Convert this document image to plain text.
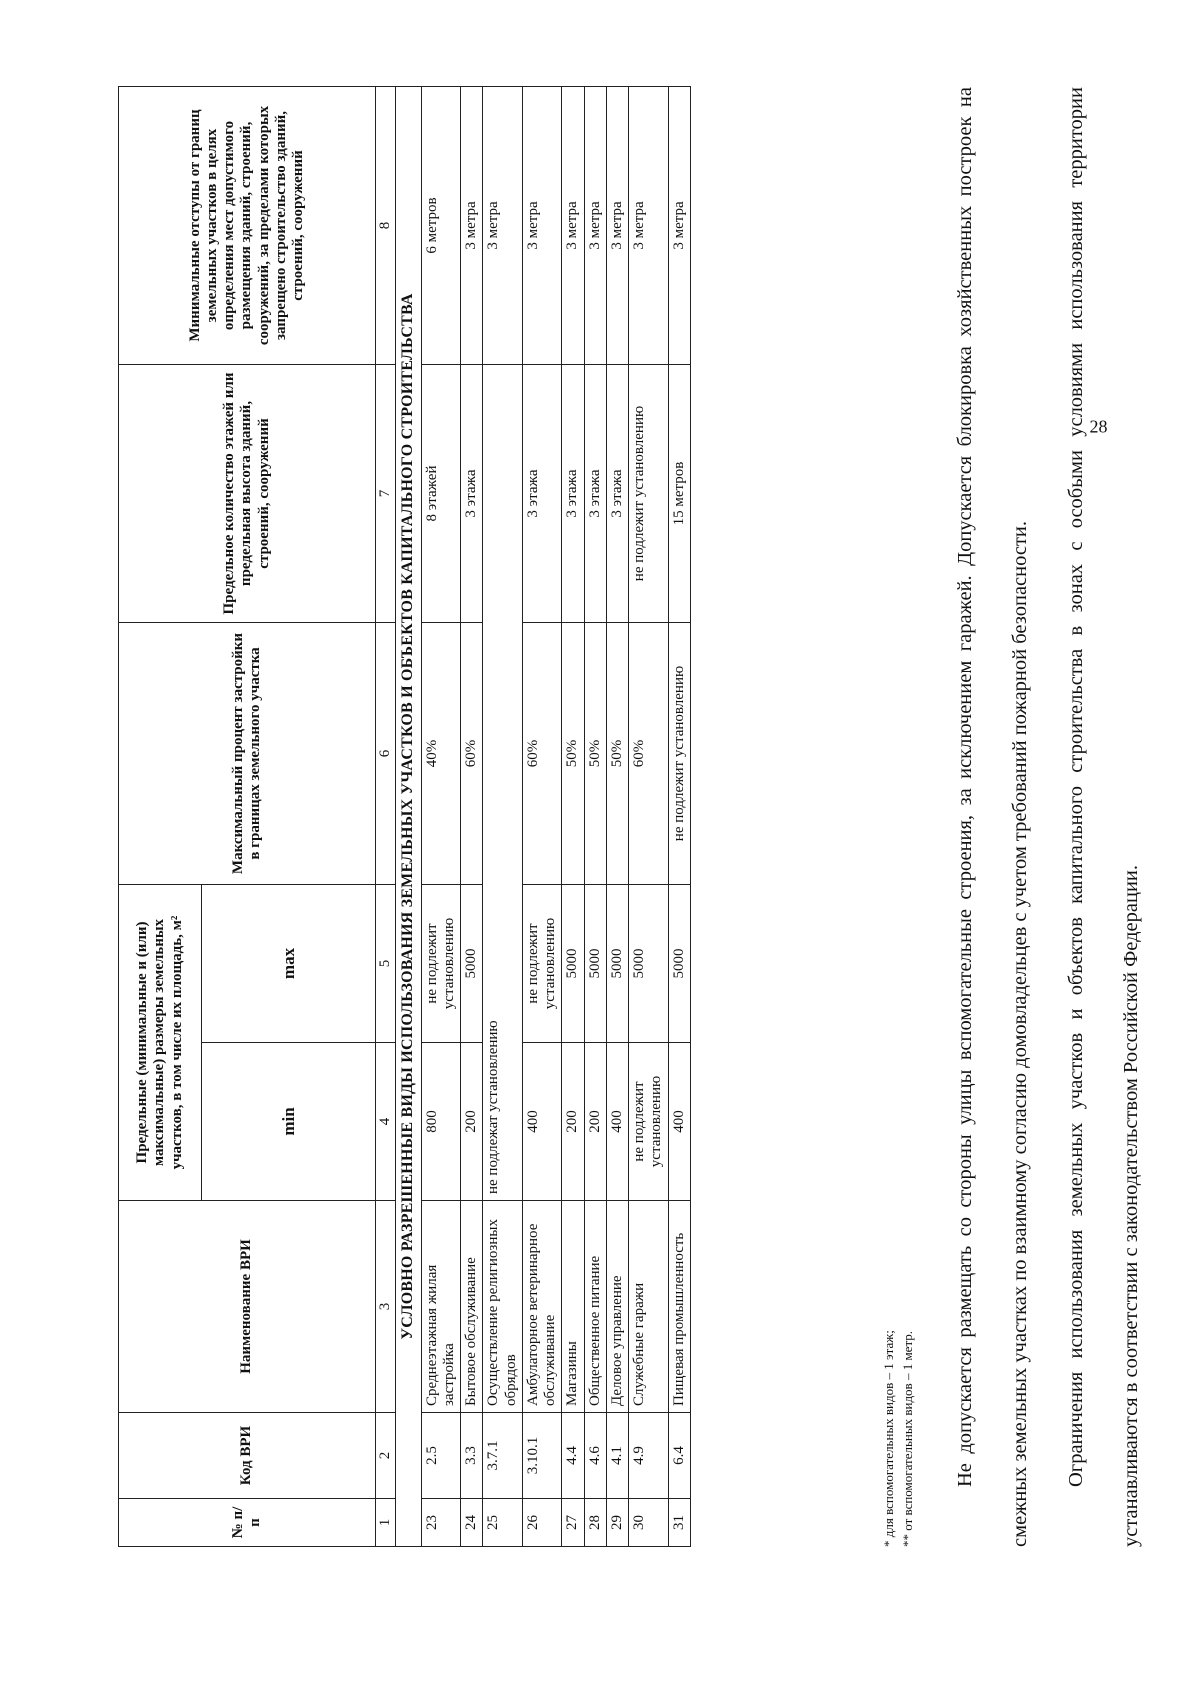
28
№ п/п	Код ВРИ	Наименование ВРИ	Предельные (минимальные и (или) максимальные) размеры земельных участков, в том числе их площадь, м²		Максимальный процент застройки в границах земельного участка	Предельное количество этажей или предельная высота зданий, строений, сооружений	Минимальные отступы от границ земельных участков в целях определения мест допустимого размещения зданий, строений, сооружений, за пределами которых запрещено строительство зданий, строений, сооружений
			min	max			
1	2	3	4	5	6	7	8
УСЛОВНО РАЗРЕШЕННЫЕ ВИДЫ ИСПОЛЬЗОВАНИЯ ЗЕМЕЛЬНЫХ УЧАСТКОВ И ОБЪЕКТОВ КАПИТАЛЬНОГО СТРОИТЕЛЬСТВА							
23	2.5	Среднеэтажная жилая застройка	800	не подлежит установлению	40%	8 этажей	6 метров
24	3.3	Бытовое обслуживание	200	5000	60%	3 этажа	3 метра
25	3.7.1	Осуществление религиозных обрядов	не подлежат установлению				3 метра
26	3.10.1	Амбулаторное ветеринарное обслуживание	400	не подлежит установлению	60%	3 этажа	3 метра
27	4.4	Магазины	200	5000	50%	3 этажа	3 метра
28	4.6	Общественное питание	200	5000	50%	3 этажа	3 метра
29	4.1	Деловое управление	400	5000	50%	3 этажа	3 метра
30	4.9	Служебные гаражи	не подлежит установлению	5000	60%	не подлежит установлению	3 метра
31	6.4	Пищевая промышленность	400	5000	не подлежит установлению	15 метров	3 метра
* для вспомогательных видов – 1 этаж; ** от вспомогательных видов – 1 метр.	Не допускается размещать со стороны улицы вспомогательные строения, за исключением гаражей. Допускается блокировка хозяйственных построек на смежных земельных участках по взаимному согласию домовладельцев с учетом требований пожарной безопасности.	Ограничения использования земельных участков и объектов капитального строительства в зонах с особыми условиями использования территории устанавливаются в соответствии с законодательством Российской Федерации.
